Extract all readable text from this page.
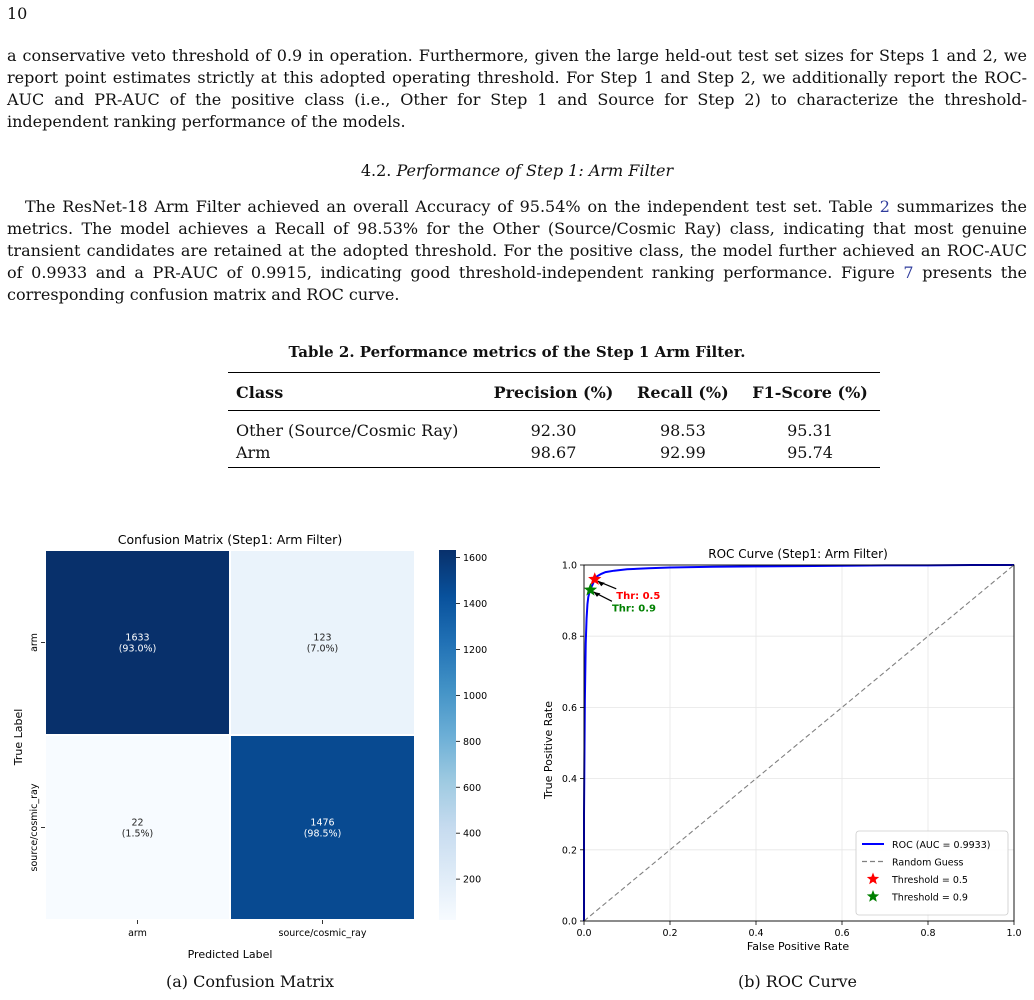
10

a conservative veto threshold of 0.9 in operation. Furthermore, given the large held-out test set sizes for Steps 1 and 2, we report point estimates strictly at this adopted operating threshold. For Step 1 and Step 2, we additionally report the ROC-AUC and PR-AUC of the positive class (i.e., Other for Step 1 and Source for Step 2) to characterize the threshold-independent ranking performance of the models.

4.2. Performance of Step 1: Arm Filter

The ResNet-18 Arm Filter achieved an overall Accuracy of 95.54% on the independent test set. Table 2 summarizes the metrics. The model achieves a Recall of 98.53% for the Other (Source/Cosmic Ray) class, indicating that most genuine transient candidates are retained at the adopted threshold. For the positive class, the model further achieved an ROC-AUC of 0.9933 and a PR-AUC of 0.9915, indicating good threshold-independent ranking performance. Figure 7 presents the corresponding confusion matrix and ROC curve.

Table 2. Performance metrics of the Step 1 Arm Filter.
Class	Precision (%)	Recall (%)	F1-Score (%)
Other (Source/Cosmic Ray)	92.30	98.53	95.31
Arm	98.67	92.99	95.74
Confusion Matrix (Step1: Arm Filter)
1633 (93.0%)
123 (7.0%)
22 (1.5%)
1476 (98.5%)
arm	source/cosmic_ray
arm
source/cosmic_ray
Predicted Label
True Label
200
400
600
800
1000
1200
1400
1600	ROC Curve (Step1: Arm Filter)
Thr: 0.5
Thr: 0.9
0.0	0.2	0.4	0.6	0.8	1.0
0.0
0.2
0.4
0.6
0.8
1.0
False Positive Rate
True Positive Rate
ROC (AUC = 0.9933)
Random Guess
Threshold = 0.5
Threshold = 0.9
(a) Confusion Matrix	(b) ROC Curve
